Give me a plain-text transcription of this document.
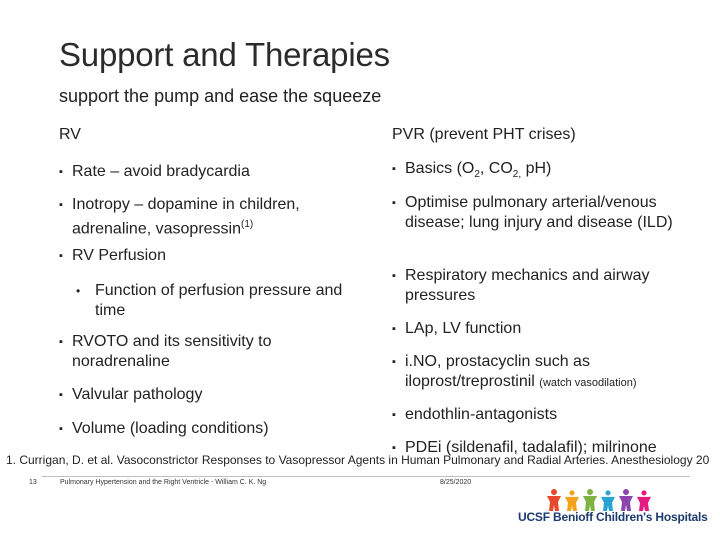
Support and Therapies
support the pump and ease the squeeze
RV	PVR (prevent PHT crises)
▪ Rate – avoid bradycardia
▪ Inotropy – dopamine in children,
adrenaline, vasopressin$^{(1)}$
▪ RV Perfusion
• Function of perfusion pressure and time
▪ RVOTO and its sensitivity to noradrenaline
▪ Valvular pathology
▪ Volume (loading conditions)
▪ Basics ($O_2$, $CO_{2,}$ pH)
▪ Optimise pulmonary arterial/venous disease; lung injury and disease (ILD)
▪ Respiratory mechanics and airway pressures
▪ LAp, LV function
▪ i.NO, prostacyclin such as iloprost/treprostinil (watch vasodilation)
▪ endothlin-antagonists
▪ PDEi (sildenafil, tadalafil); milrinone
1. Currigan, D. et al. Vasoconstrictor Responses to Vasopressor Agents in Human Pulmonary and Radial Arteries. Anesthesiology 20
13	Pulmonary Hypertension and the Right Ventricle - William C. K. Ng	8/25/2020
UCSF Benioff Children's Hospitals
